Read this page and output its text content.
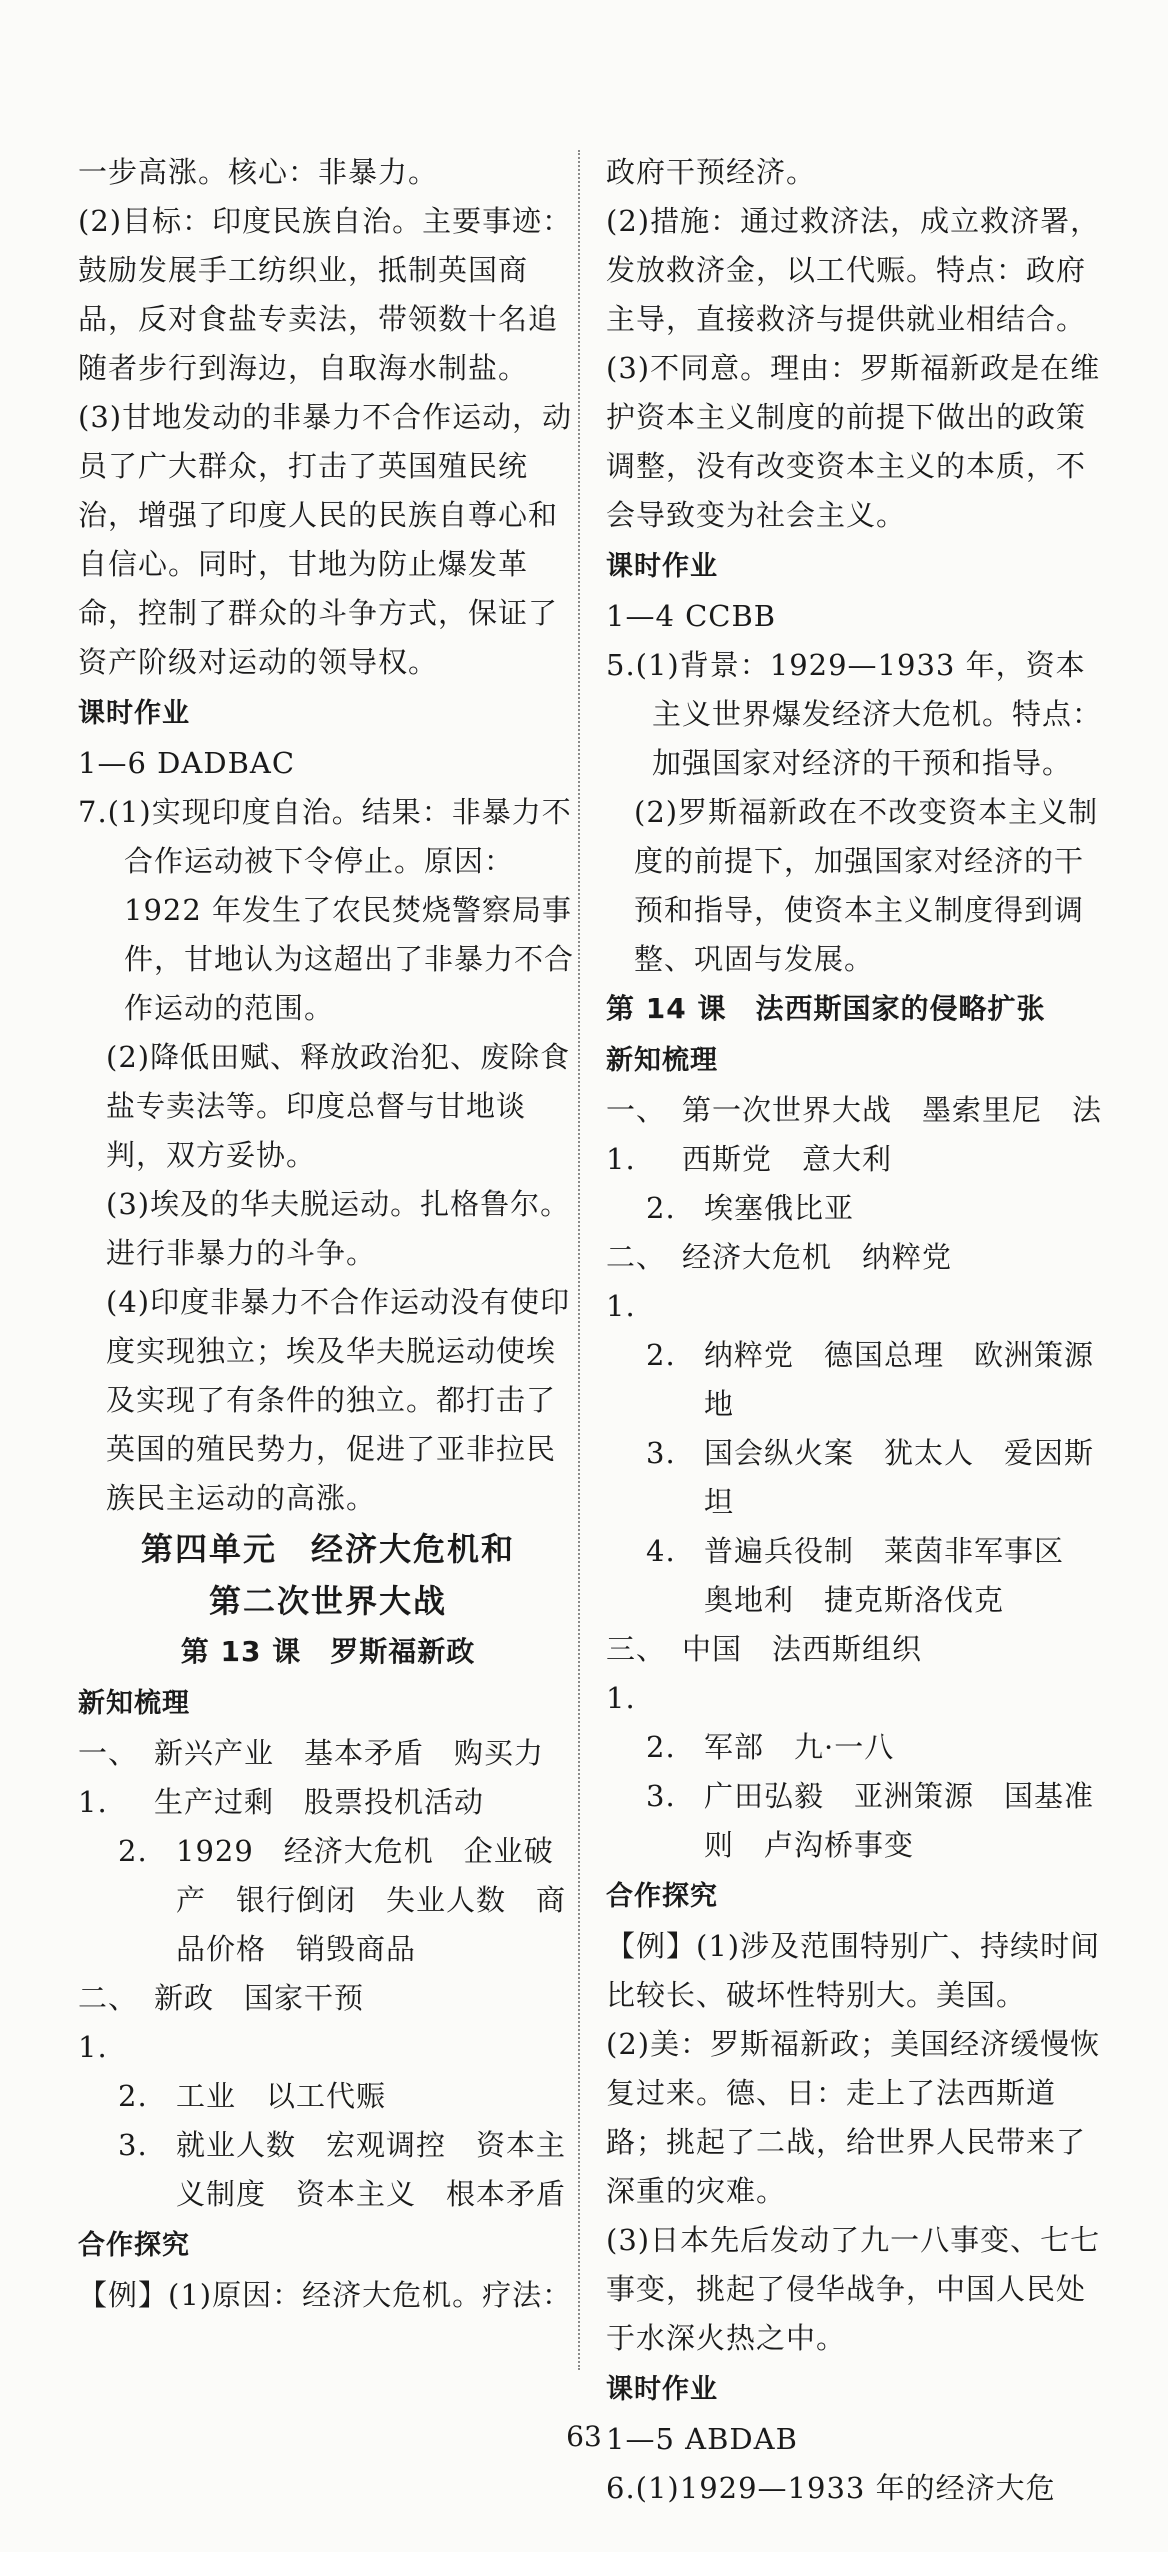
一步高涨。核心：非暴力。
(2)目标：印度民族自治。主要事迹：鼓励发展手工纺织业，抵制英国商品，反对食盐专卖法，带领数十名追随者步行到海边，自取海水制盐。
(3)甘地发动的非暴力不合作运动，动员了广大群众，打击了英国殖民统治，增强了印度人民的民族自尊心和自信心。同时，甘地为防止爆发革命，控制了群众的斗争方式，保证了资产阶级对运动的领导权。
课时作业
1—6 DADBAC
7.(1)实现印度自治。结果：非暴力不合作运动被下令停止。原因：1922 年发生了农民焚烧警察局事件，甘地认为这超出了非暴力不合作运动的范围。
(2)降低田赋、释放政治犯、废除食盐专卖法等。印度总督与甘地谈判，双方妥协。
(3)埃及的华夫脱运动。扎格鲁尔。进行非暴力的斗争。
(4)印度非暴力不合作运动没有使印度实现独立；埃及华夫脱运动使埃及实现了有条件的独立。都打击了英国的殖民势力，促进了亚非拉民族民主运动的高涨。
第四单元　经济大危机和
第二次世界大战
第 13 课　罗斯福新政
新知梳理
一、1.
新兴产业　基本矛盾　购买力　生产过剩　股票投机活动
2. 1929　经济大危机　企业破产　银行倒闭　失业人数　商品价格　销毁商品
二、1.
新政　国家干预
2. 工业　以工代赈
3. 就业人数　宏观调控　资本主义制度　资本主义　根本矛盾
合作探究
【例】(1)原因：经济大危机。疗法：
政府干预经济。
(2)措施：通过救济法，成立救济署，发放救济金，以工代赈。特点：政府主导，直接救济与提供就业相结合。
(3)不同意。理由：罗斯福新政是在维护资本主义制度的前提下做出的政策调整，没有改变资本主义的本质，不会导致变为社会主义。
课时作业
1—4 CCBB
5.(1)背景：1929—1933 年，资本主义世界爆发经济大危机。特点：加强国家对经济的干预和指导。
(2)罗斯福新政在不改变资本主义制度的前提下，加强国家对经济的干预和指导，使资本主义制度得到调整、巩固与发展。
第 14 课　法西斯国家的侵略扩张
新知梳理
一、1.
第一次世界大战　墨索里尼　法西斯党　意大利
2. 埃塞俄比亚
二、1.
经济大危机　纳粹党
2. 纳粹党　德国总理　欧洲策源地
3. 国会纵火案　犹太人　爱因斯坦
4. 普遍兵役制　莱茵非军事区　奥地利　捷克斯洛伐克
三、1.
中国　法西斯组织
2. 军部　九·一八
3. 广田弘毅　亚洲策源　国基准则　卢沟桥事变
合作探究
【例】(1)涉及范围特别广、持续时间比较长、破坏性特别大。美国。
(2)美：罗斯福新政；美国经济缓慢恢复过来。德、日：走上了法西斯道路；挑起了二战，给世界人民带来了深重的灾难。
(3)日本先后发动了九一八事变、七七事变，挑起了侵华战争，中国人民处于水深火热之中。
课时作业
1—5 ABDAB
6.(1)1929—1933 年的经济大危
63
